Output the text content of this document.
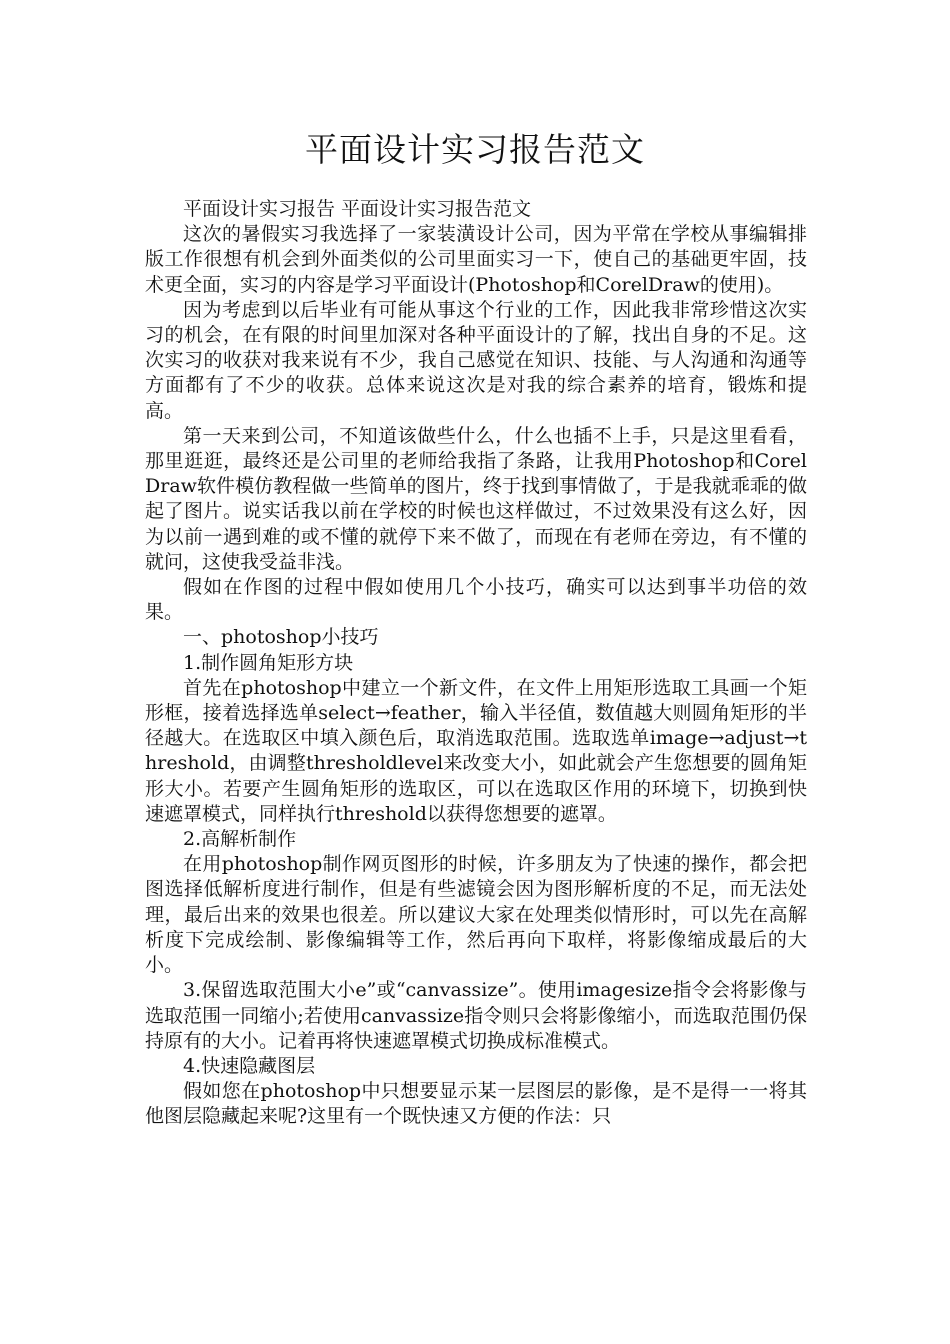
平面设计实习报告范文

平面设计实习报告 平面设计实习报告范文

这次的暑假实习我选择了一家装潢设计公司，因为平常在学校从事编辑排版工作很想有机会到外面类似的公司里面实习一下，使自己的基础更牢固，技术更全面，实习的内容是学习平面设计(Photoshop和CorelDraw的使用)。

因为考虑到以后毕业有可能从事这个行业的工作，因此我非常珍惜这次实习的机会，在有限的时间里加深对各种平面设计的了解，找出自身的不足。这次实习的收获对我来说有不少，我自己感觉在知识、技能、与人沟通和沟通等方面都有了不少的收获。总体来说这次是对我的综合素养的培育，锻炼和提高。

第一天来到公司，不知道该做些什么，什么也插不上手，只是这里看看，那里逛逛，最终还是公司里的老师给我指了条路，让我用Photoshop和CorelDraw软件模仿教程做一些简单的图片，终于找到事情做了，于是我就乖乖的做起了图片。说实话我以前在学校的时候也这样做过，不过效果没有这么好，因为以前一遇到难的或不懂的就停下来不做了，而现在有老师在旁边，有不懂的就问，这使我受益非浅。

假如在作图的过程中假如使用几个小技巧，确实可以达到事半功倍的效果。

一、photoshop小技巧

1.制作圆角矩形方块

首先在photoshop中建立一个新文件，在文件上用矩形选取工具画一个矩形框，接着选择选单select→feather，输入半径值，数值越大则圆角矩形的半径越大。在选取区中填入颜色后，取消选取范围。选取选单image→adjust→threshold，由调整thresholdlevel来改变大小，如此就会产生您想要的圆角矩形大小。若要产生圆角矩形的选取区，可以在选取区作用的环境下，切换到快速遮罩模式，同样执行threshold以获得您想要的遮罩。

2.高解析制作

在用photoshop制作网页图形的时候，许多朋友为了快速的操作，都会把图选择低解析度进行制作，但是有些滤镜会因为图形解析度的不足，而无法处理，最后出来的效果也很差。所以建议大家在处理类似情形时，可以先在高解析度下完成绘制、影像编辑等工作，然后再向下取样，将影像缩成最后的大小。

3.保留选取范围大小e”或“canvassize”。使用imagesize指令会将影像与选取范围一同缩小;若使用canvassize指令则只会将影像缩小，而选取范围仍保持原有的大小。记着再将快速遮罩模式切换成标准模式。

4.快速隐藏图层

假如您在photoshop中只想要显示某一层图层的影像，是不是得一一将其他图层隐藏起来呢?这里有一个既快速又方便的作法：只
